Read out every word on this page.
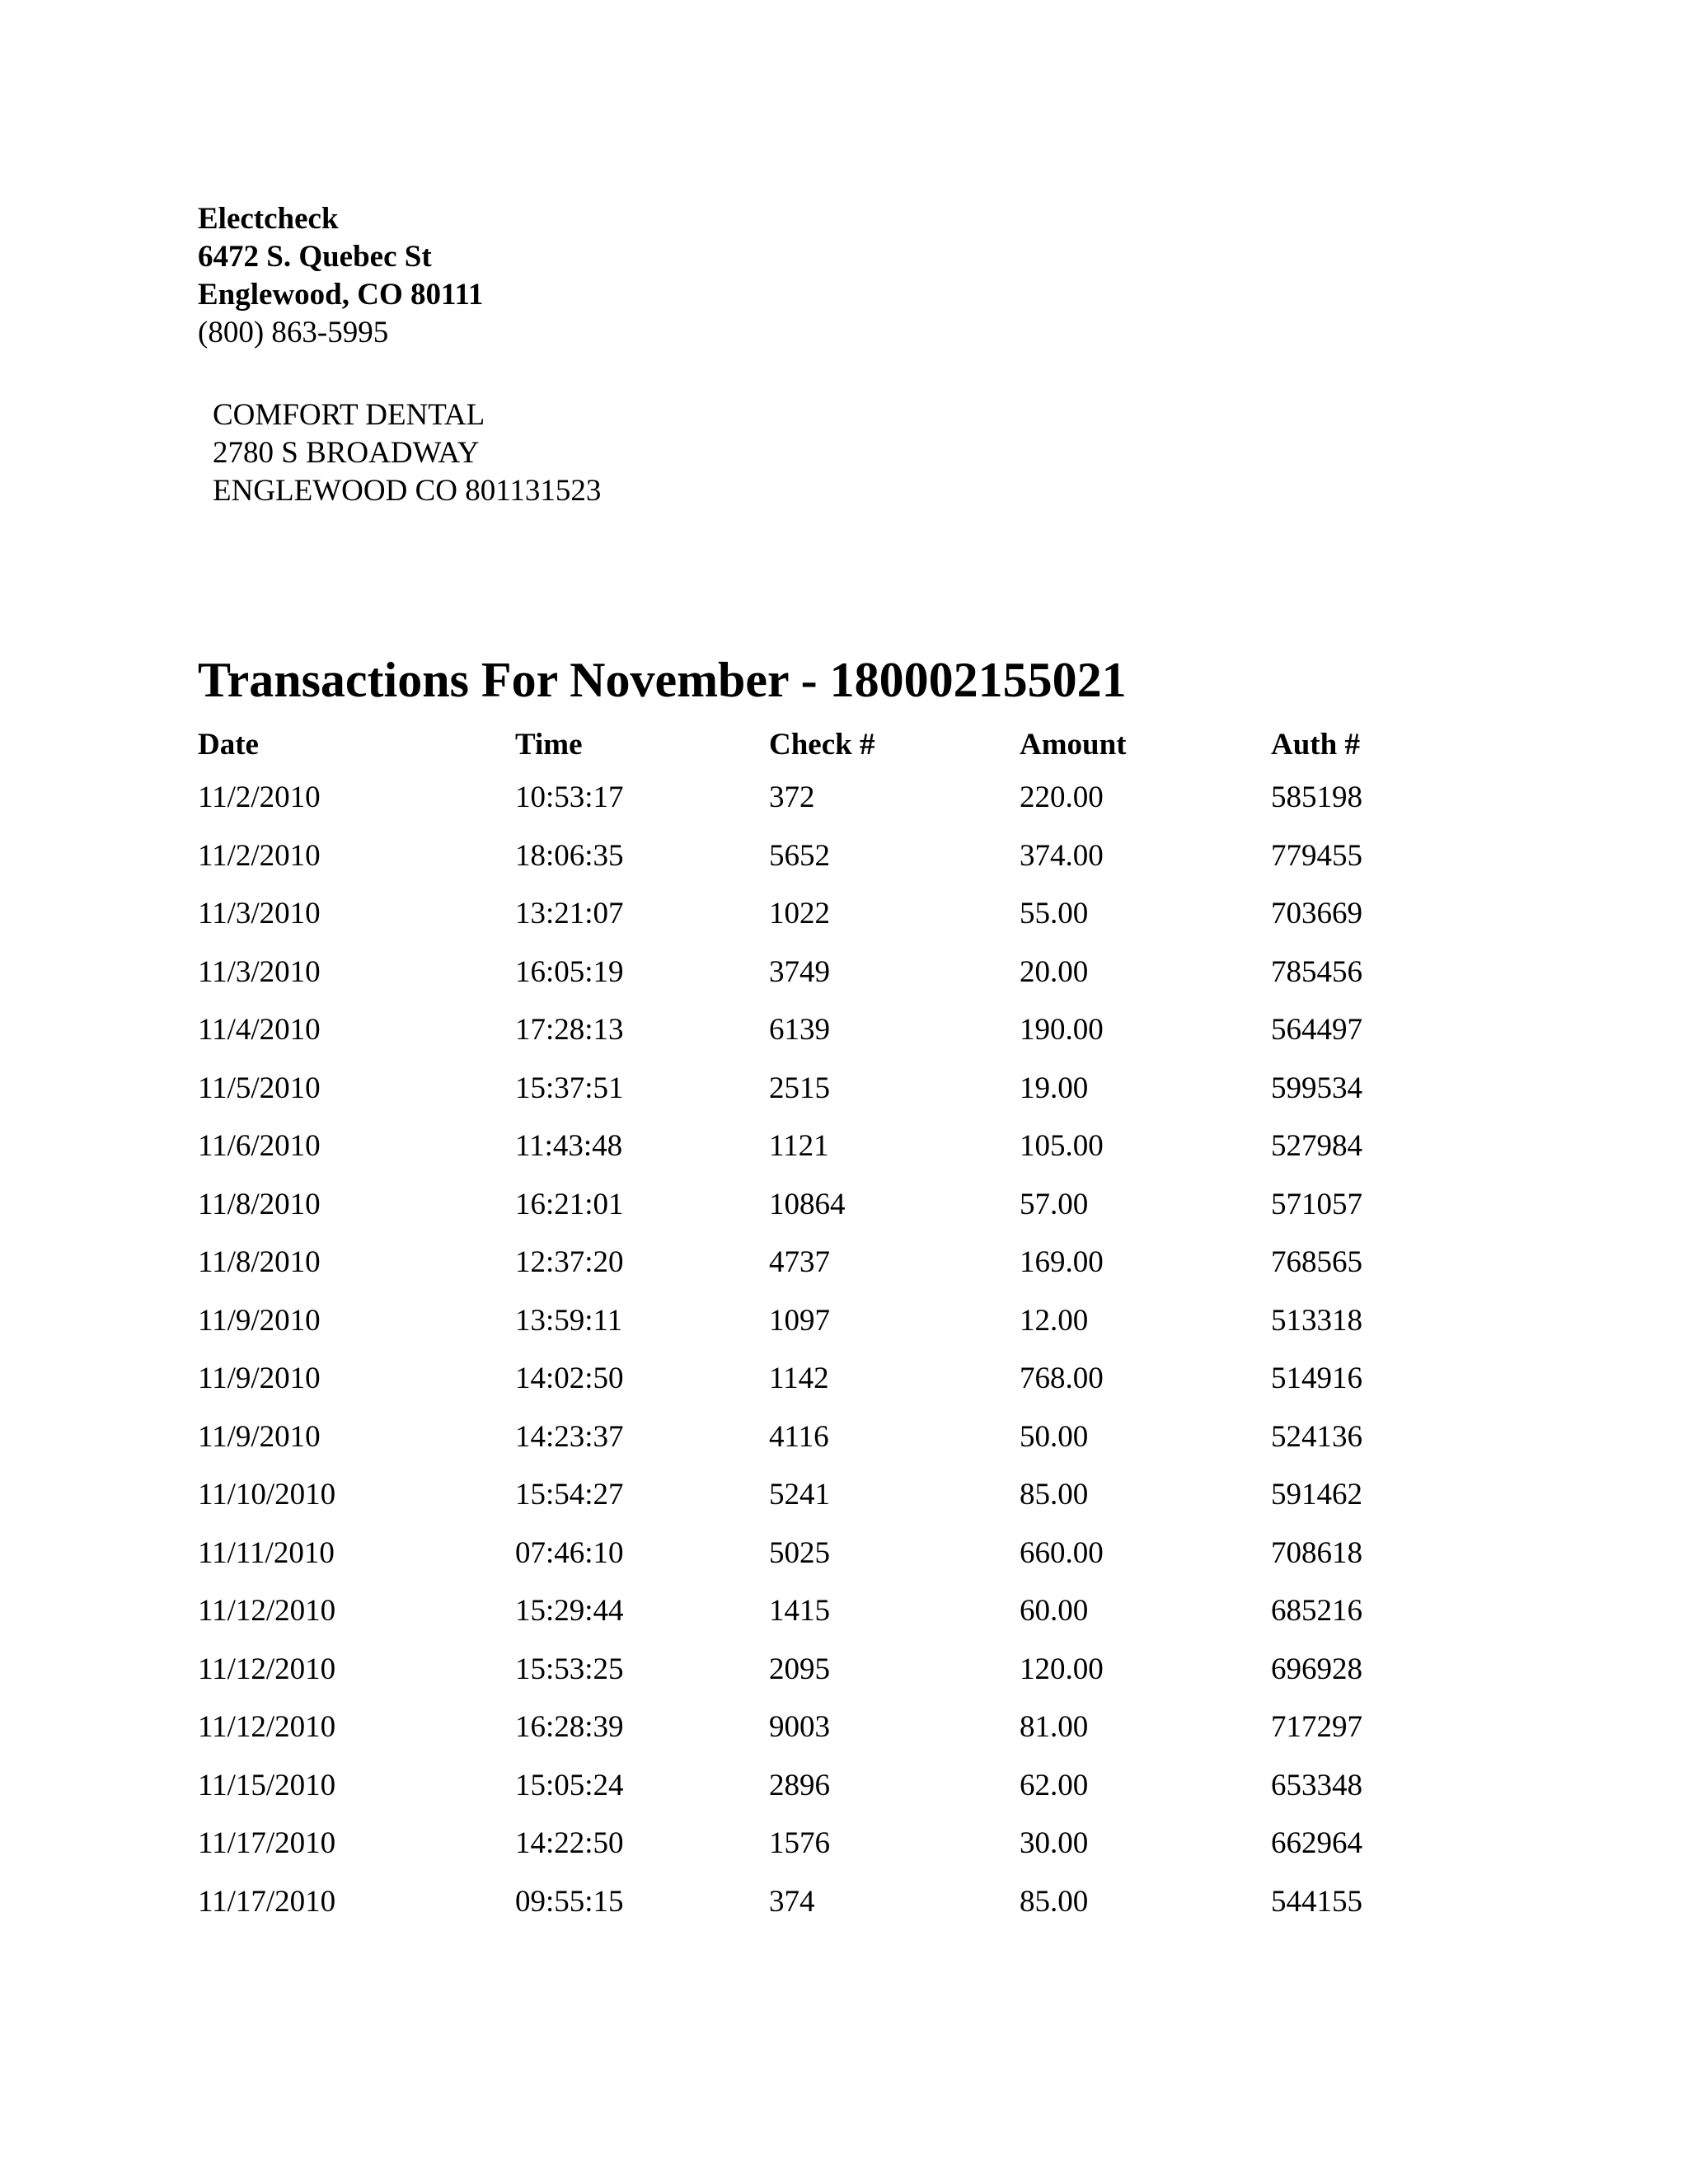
Electcheck
6472 S. Quebec St
Englewood, CO 80111
(800) 863-5995
COMFORT DENTAL
2780 S BROADWAY
ENGLEWOOD CO 801131523
Transactions For November - 180002155021
Date	Time	Check #	Amount	Auth #
11/2/2010	10:53:17	372	220.00	585198
11/2/2010	18:06:35	5652	374.00	779455
11/3/2010	13:21:07	1022	55.00	703669
11/3/2010	16:05:19	3749	20.00	785456
11/4/2010	17:28:13	6139	190.00	564497
11/5/2010	15:37:51	2515	19.00	599534
11/6/2010	11:43:48	1121	105.00	527984
11/8/2010	16:21:01	10864	57.00	571057
11/8/2010	12:37:20	4737	169.00	768565
11/9/2010	13:59:11	1097	12.00	513318
11/9/2010	14:02:50	1142	768.00	514916
11/9/2010	14:23:37	4116	50.00	524136
11/10/2010	15:54:27	5241	85.00	591462
11/11/2010	07:46:10	5025	660.00	708618
11/12/2010	15:29:44	1415	60.00	685216
11/12/2010	15:53:25	2095	120.00	696928
11/12/2010	16:28:39	9003	81.00	717297
11/15/2010	15:05:24	2896	62.00	653348
11/17/2010	14:22:50	1576	30.00	662964
11/17/2010	09:55:15	374	85.00	544155
